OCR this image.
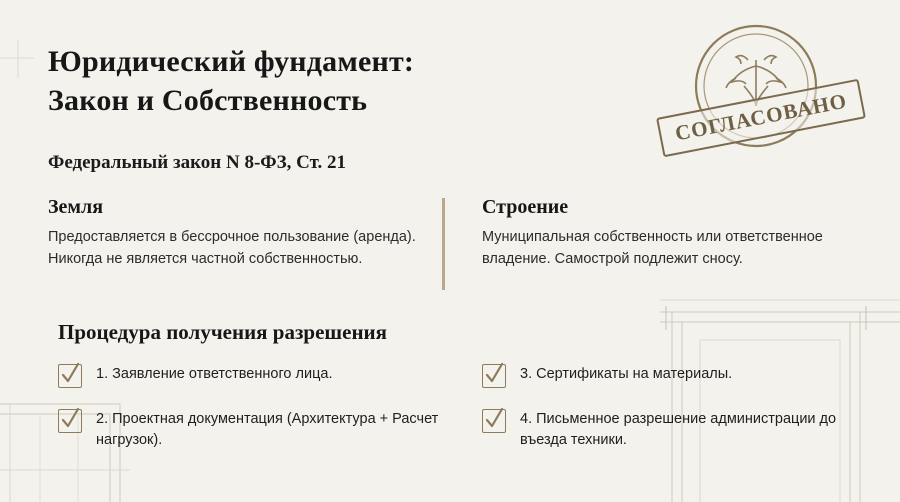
Юридический фундамент:
Закон и Собственность
Федеральный закон N 8-ФЗ, Ст. 21
Земля
Предоставляется в бессрочное пользование (аренда). Никогда не является частной собственностью.
Строение
Муниципальная собственность или ответственное владение. Самострой подлежит сносу.
Процедура получения разрешения
1. Заявление ответственного лица.
2. Проектная документация (Архитектура + Расчет нагрузок).
3. Сертификаты на материалы.
4. Письменное разрешение администрации до въезда техники.
СОГЛАСОВАНО
